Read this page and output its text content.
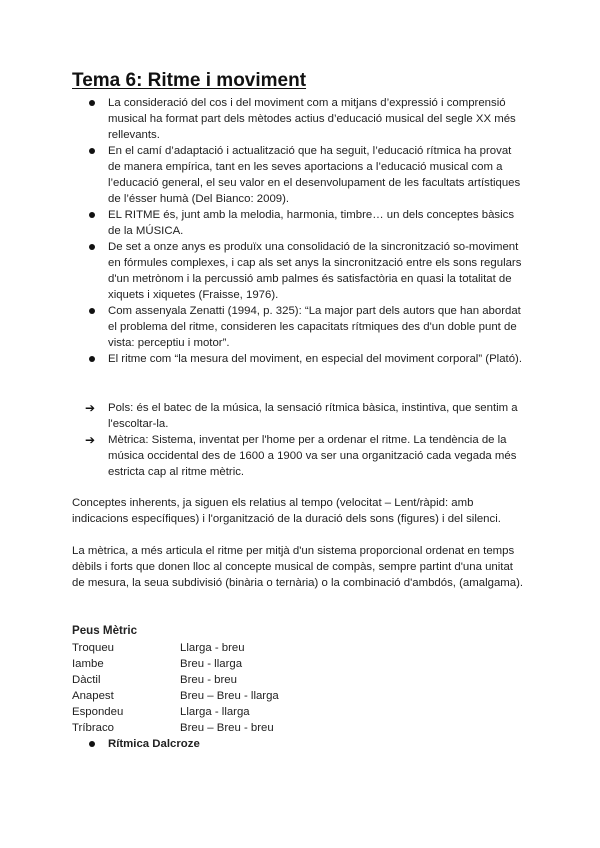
Tema 6: Ritme i moviment
La consideració del cos i del moviment com a mitjans d’expressió i comprensió musical ha format part dels mètodes actius d’educació musical del segle XX més rellevants.
En el camí d’adaptació i actualització que ha seguit, l’educació rítmica ha provat de manera empírica, tant en les seves aportacions a l’educació musical com a l’educació general, el seu valor en el desenvolupament de les facultats artístiques de l’ésser humà (Del Bianco: 2009).
EL RITME és, junt amb la melodia, harmonia, timbre… un dels conceptes bàsics de la MÚSICA.
De set a onze anys es produïx una consolidació de la sincronització so-moviment en fórmules complexes, i cap als set anys la sincronització entre els sons regulars d'un metrònom i la percussió amb palmes és satisfactòria en quasi la totalitat de xiquets i xiquetes (Fraisse, 1976).
Com assenyala Zenatti (1994, p. 325): “La major part dels autors que han abordat el problema del ritme, consideren les capacitats rítmiques des d'un doble punt de vista: perceptiu i motor”.
El ritme com “la mesura del moviment, en especial del moviment corporal” (Plató).
➔ Pols: és el batec de la música, la sensació rítmica bàsica, instintiva, que sentim a l'escoltar-la.
➔ Mètrica: Sistema, inventat per l'home per a ordenar el ritme. La tendència de la música occidental des de 1600 a 1900 va ser una organització cada vegada més estricta cap al ritme mètric.

Conceptes inherents, ja siguen els relatius al tempo (velocitat – Lent/ràpid: amb indicacions específiques) i l'organització de la duració dels sons (figures) i del silenci.

La mètrica, a més articula el ritme per mitjà d'un sistema proporcional ordenat en temps dèbils i forts que donen lloc al concepte musical de compàs, sempre partint d'una unitat de mesura, la seua subdivisió (binària o ternària) o la combinació d'ambdós, (amalgama).

Peus Mètric

Troqueu	Llarga - breu
Iambe	Breu - llarga
Dàctil	Breu - breu
Anapest	Breu – Breu - llarga
Espondeu	Llarga - llarga
Tríbraco	Breu – Breu - breu
Rítmica Dalcroze
